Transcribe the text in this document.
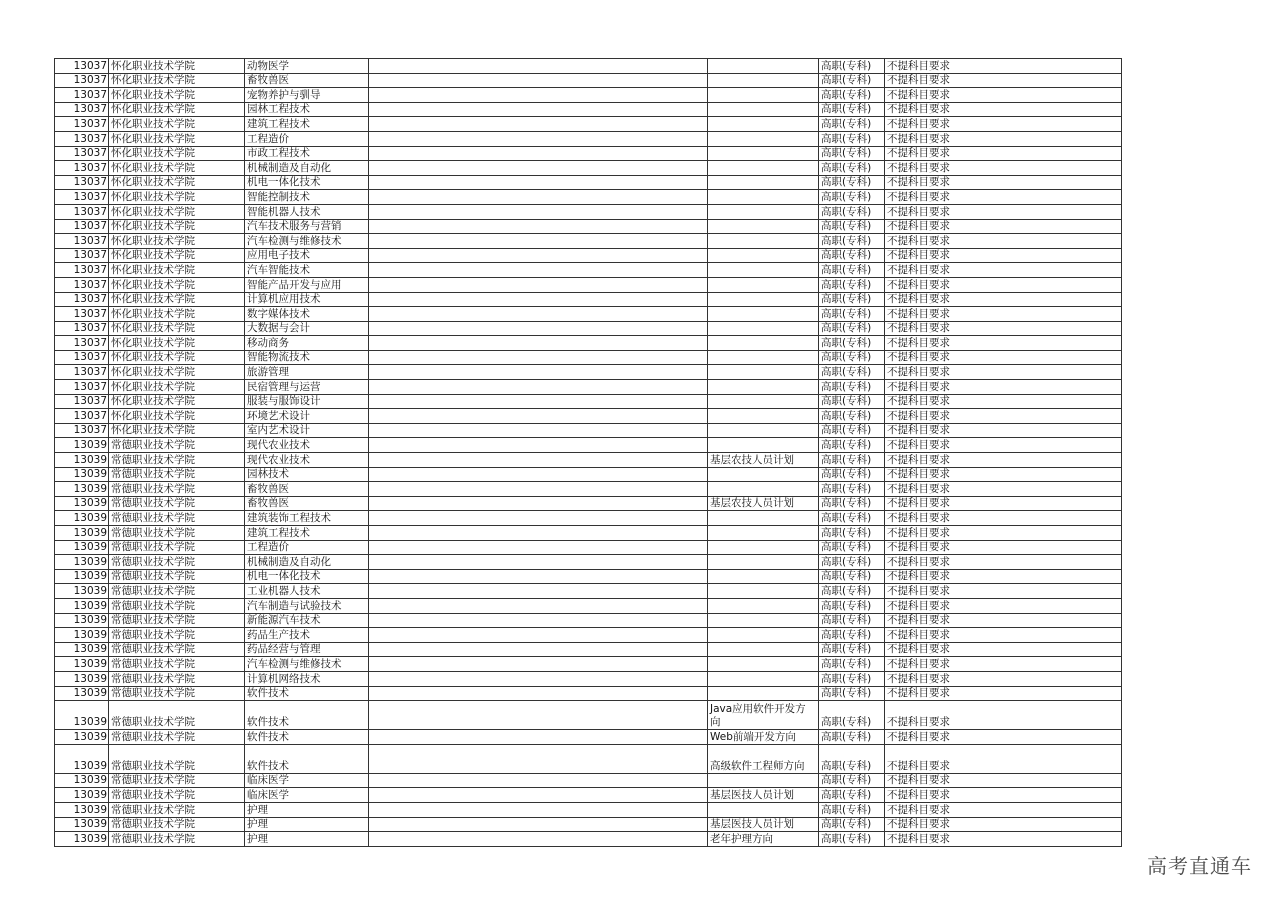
13037	怀化职业技术学院	动物医学			高职(专科)	不提科目要求
13037	怀化职业技术学院	畜牧兽医			高职(专科)	不提科目要求
13037	怀化职业技术学院	宠物养护与驯导			高职(专科)	不提科目要求
13037	怀化职业技术学院	园林工程技术			高职(专科)	不提科目要求
13037	怀化职业技术学院	建筑工程技术			高职(专科)	不提科目要求
13037	怀化职业技术学院	工程造价			高职(专科)	不提科目要求
13037	怀化职业技术学院	市政工程技术			高职(专科)	不提科目要求
13037	怀化职业技术学院	机械制造及自动化			高职(专科)	不提科目要求
13037	怀化职业技术学院	机电一体化技术			高职(专科)	不提科目要求
13037	怀化职业技术学院	智能控制技术			高职(专科)	不提科目要求
13037	怀化职业技术学院	智能机器人技术			高职(专科)	不提科目要求
13037	怀化职业技术学院	汽车技术服务与营销			高职(专科)	不提科目要求
13037	怀化职业技术学院	汽车检测与维修技术			高职(专科)	不提科目要求
13037	怀化职业技术学院	应用电子技术			高职(专科)	不提科目要求
13037	怀化职业技术学院	汽车智能技术			高职(专科)	不提科目要求
13037	怀化职业技术学院	智能产品开发与应用			高职(专科)	不提科目要求
13037	怀化职业技术学院	计算机应用技术			高职(专科)	不提科目要求
13037	怀化职业技术学院	数字媒体技术			高职(专科)	不提科目要求
13037	怀化职业技术学院	大数据与会计			高职(专科)	不提科目要求
13037	怀化职业技术学院	移动商务			高职(专科)	不提科目要求
13037	怀化职业技术学院	智能物流技术			高职(专科)	不提科目要求
13037	怀化职业技术学院	旅游管理			高职(专科)	不提科目要求
13037	怀化职业技术学院	民宿管理与运营			高职(专科)	不提科目要求
13037	怀化职业技术学院	服装与服饰设计			高职(专科)	不提科目要求
13037	怀化职业技术学院	环境艺术设计			高职(专科)	不提科目要求
13037	怀化职业技术学院	室内艺术设计			高职(专科)	不提科目要求
13039	常德职业技术学院	现代农业技术			高职(专科)	不提科目要求
13039	常德职业技术学院	现代农业技术		基层农技人员计划	高职(专科)	不提科目要求
13039	常德职业技术学院	园林技术			高职(专科)	不提科目要求
13039	常德职业技术学院	畜牧兽医			高职(专科)	不提科目要求
13039	常德职业技术学院	畜牧兽医		基层农技人员计划	高职(专科)	不提科目要求
13039	常德职业技术学院	建筑装饰工程技术			高职(专科)	不提科目要求
13039	常德职业技术学院	建筑工程技术			高职(专科)	不提科目要求
13039	常德职业技术学院	工程造价			高职(专科)	不提科目要求
13039	常德职业技术学院	机械制造及自动化			高职(专科)	不提科目要求
13039	常德职业技术学院	机电一体化技术			高职(专科)	不提科目要求
13039	常德职业技术学院	工业机器人技术			高职(专科)	不提科目要求
13039	常德职业技术学院	汽车制造与试验技术			高职(专科)	不提科目要求
13039	常德职业技术学院	新能源汽车技术			高职(专科)	不提科目要求
13039	常德职业技术学院	药品生产技术			高职(专科)	不提科目要求
13039	常德职业技术学院	药品经营与管理			高职(专科)	不提科目要求
13039	常德职业技术学院	汽车检测与维修技术			高职(专科)	不提科目要求
13039	常德职业技术学院	计算机网络技术			高职(专科)	不提科目要求
13039	常德职业技术学院	软件技术			高职(专科)	不提科目要求
13039	常德职业技术学院	软件技术		Java应用软件开发方向	高职(专科)	不提科目要求
13039	常德职业技术学院	软件技术		Web前端开发方向	高职(专科)	不提科目要求
13039	常德职业技术学院	软件技术		高级软件工程师方向	高职(专科)	不提科目要求
13039	常德职业技术学院	临床医学			高职(专科)	不提科目要求
13039	常德职业技术学院	临床医学		基层医技人员计划	高职(专科)	不提科目要求
13039	常德职业技术学院	护理			高职(专科)	不提科目要求
13039	常德职业技术学院	护理		基层医技人员计划	高职(专科)	不提科目要求
13039	常德职业技术学院	护理		老年护理方向	高职(专科)	不提科目要求
高考直通车
